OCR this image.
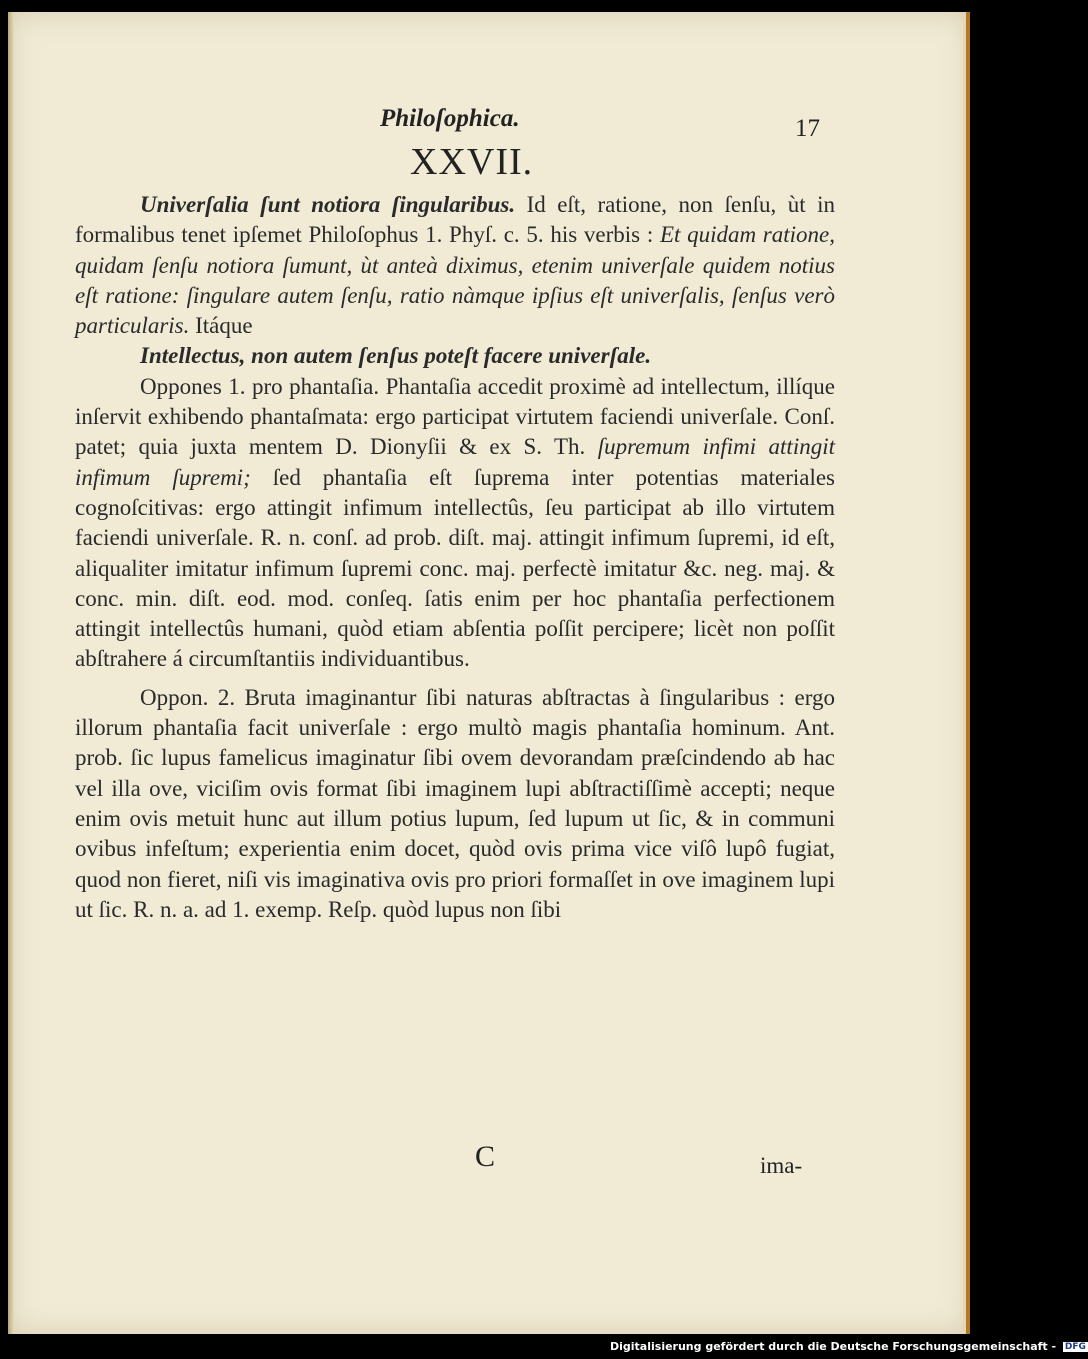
Philoſophica.	17
XXVII.

Univerſalia ſunt notiora ſingularibus. Id eſt, ratione, non ſenſu, ùt in formalibus tenet ipſemet Philoſophus 1. Phyſ. c. 5. his verbis : Et quidam ratione, quidam ſenſu notiora ſumunt, ùt anteà diximus, etenim univerſale quidem notius eſt ratione: ſingulare autem ſenſu, ratio nàmque ipſius eſt univerſalis, ſenſus verò particularis. Itáque

Intellectus, non autem ſenſus poteſt facere univerſale.

Oppones 1. pro phantaſia. Phantaſia accedit proximè ad intellectum, illíque inſervit exhibendo phantaſmata: ergo participat virtutem faciendi univerſale. Conſ. patet; quia juxta mentem D. Dionyſii & ex S. Th. ſupremum infimi attingit infimum ſupremi; ſed phantaſia eſt ſuprema inter potentias materiales cognoſcitivas: ergo attingit infimum intellectûs, ſeu participat ab illo virtutem faciendi univerſale. R. n. conſ. ad prob. diſt. maj. attingit infimum ſupremi, id eſt, aliqualiter imitatur infimum ſupremi conc. maj. perfectè imitatur &c. neg. maj. & conc. min. diſt. eod. mod. conſeq. ſatis enim per hoc phantaſia perfectionem attingit intellectûs humani, quòd etiam abſentia poſſit percipere; licèt non poſſit abſtrahere á circumſtantiis individuantibus.

Oppon. 2. Bruta imaginantur ſibi naturas abſtractas à ſingularibus : ergo illorum phantaſia facit univerſale : ergo multò magis phantaſia hominum. Ant. prob. ſic lupus famelicus imaginatur ſibi ovem devorandam præſcindendo ab hac vel illa ove, viciſim ovis format ſibi imaginem lupi abſtractiſſimè accepti; neque enim ovis metuit hunc aut illum potius lupum, ſed lupum ut ſic, & in communi ovibus infeſtum; experientia enim docet, quòd ovis prima vice viſô lupô fugiat, quod non fieret, niſi vis imaginativa ovis pro priori formaſſet in ove imaginem lupi ut ſic. R. n. a. ad 1. exemp. Reſp. quòd lupus non ſibi

C	ima-
Digitalisierung gefördert durch die Deutsche Forschungsgemeinschaft - DFG
